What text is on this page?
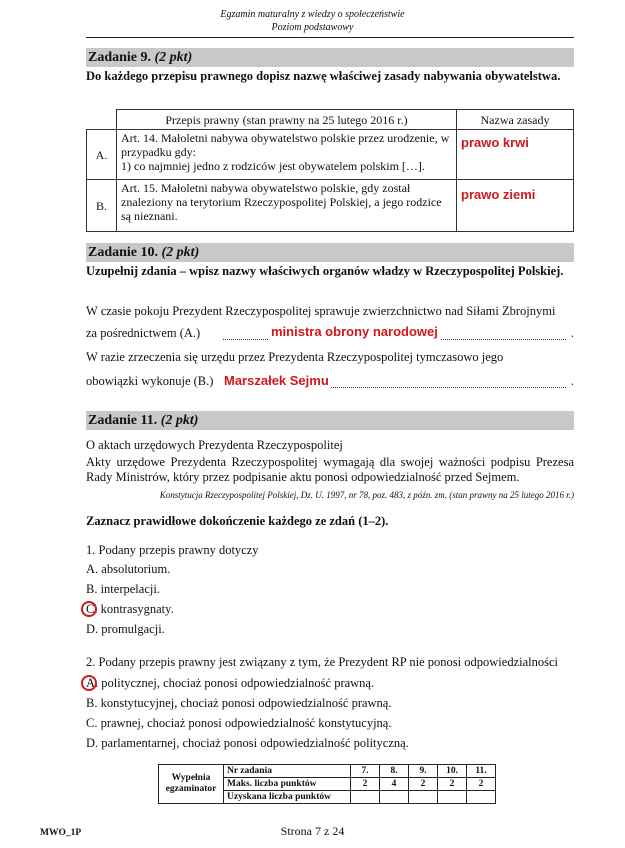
Egzamin maturalny z wiedzy o społeczeństwie
Poziom podstawowy
Zadanie 9. (2 pkt)
Do każdego przepisu prawnego dopisz nazwę właściwej zasady nabywania obywatelstwa.
	Przepis prawny (stan prawny na 25 lutego 2016 r.)	Nazwa zasady
A.	Art. 14. Małoletni nabywa obywatelstwo polskie przez urodzenie, w przypadku gdy:
1) co najmniej jedno z rodziców jest obywatelem polskim […].	prawo krwi
B.	Art. 15. Małoletni nabywa obywatelstwo polskie, gdy został znaleziony na terytorium Rzeczypospolitej Polskiej, a jego rodzice są nieznani.	prawo ziemi
Zadanie 10. (2 pkt)
Uzupełnij zdania – wpisz nazwy właściwych organów władzy w Rzeczypospolitej Polskiej.
W czasie pokoju Prezydent Rzeczypospolitej sprawuje zwierzchnictwo nad Siłami Zbrojnymi
za pośrednictwem (A.)	ministra obrony narodowej	.
W razie zrzeczenia się urzędu przez Prezydenta Rzeczypospolitej tymczasowo jego
obowiązki wykonuje (B.) Marszałek Sejmu	.
Zadanie 11. (2 pkt)
O aktach urzędowych Prezydenta Rzeczypospolitej
Akty urzędowe Prezydenta Rzeczypospolitej wymagają dla swojej ważności podpisu Prezesa Rady Ministrów, który przez podpisanie aktu ponosi odpowiedzialność przed Sejmem.
Konstytucja Rzeczypospolitej Polskiej, Dz. U. 1997, nr 78, poz. 483, z późn. zm. (stan prawny na 25 lutego 2016 r.)
Zaznacz prawidłowe dokończenie każdego ze zdań (1–2).
1. Podany przepis prawny dotyczy
A. absolutorium.
B. interpelacji.
C. kontrasygnaty.
D. promulgacji.
2. Podany przepis prawny jest związany z tym, że Prezydent RP nie ponosi odpowiedzialności
A. politycznej, chociaż ponosi odpowiedzialność prawną.
B. konstytucyjnej, chociaż ponosi odpowiedzialność prawną.
C. prawnej, chociaż ponosi odpowiedzialność konstytucyjną.
D. parlamentarnej, chociaż ponosi odpowiedzialność polityczną.
Wypełnia egzaminator	Nr zadania	7.	8.	9.	10.	11.
	Maks. liczba punktów	2	4	2	2	2
	Uzyskana liczba punktów					
MWO_1P	Strona 7 z 24
